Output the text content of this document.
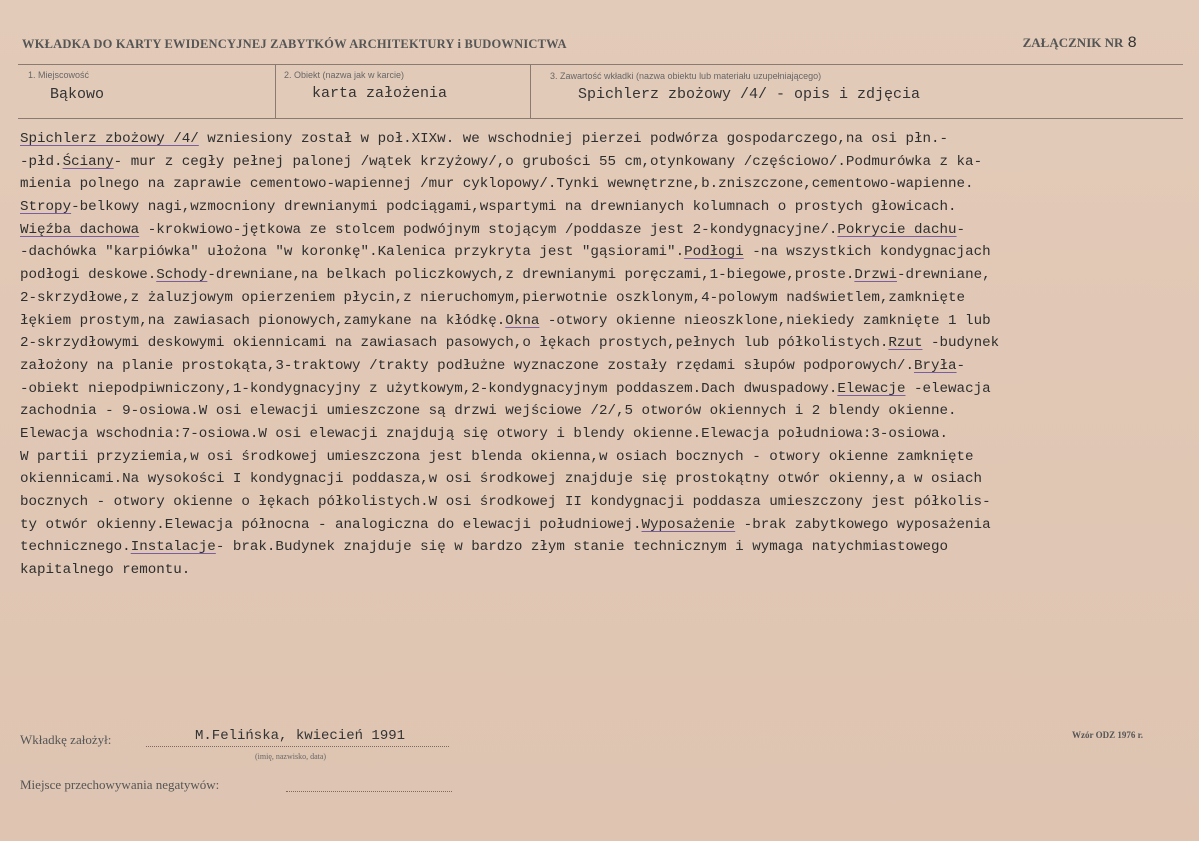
WKŁADKA DO KARTY EWIDENCYJNEJ ZABYTKÓW ARCHITEKTURY i BUDOWNICTWA	ZAŁĄCZNIK NR 8
1. Miejscowość
Bąkowo
2. Obiekt (nazwa jak w karcie)
karta założenia
3. Zawartość wkładki (nazwa obiektu lub materiału uzupełniającego)
Spichlerz zbożowy /4/ - opis i zdjęcia
Spichlerz zbożowy /4/ wzniesiony został w poł.XIXw. we wschodniej pierzei podwórza gospodarczego,na osi płn.-
-płd.Ściany- mur z cegły pełnej palonej /wątek krzyżowy/,o grubości 55 cm,otynkowany /częściowo/.Podmurówka z ka-
mienia polnego na zaprawie cementowo-wapiennej /mur cyklopowy/.Tynki wewnętrzne,b.zniszczone,cementowo-wapienne.
Stropy-belkowy nagi,wzmocniony drewnianymi podciągami,wspartymi na drewnianych kolumnach o prostych głowicach.
Więźba dachowa -krokwiowo-jętkowa ze stolcem podwójnym stojącym /poddasze jest 2-kondygnacyjne/.Pokrycie dachu-
-dachówka "karpiówka" ułożona "w koronkę".Kalenica przykryta jest "gąsiorami".Podłogi -na wszystkich kondygnacjach
podłogi deskowe.Schody-drewniane,na belkach policzkowych,z drewnianymi poręczami,1-biegowe,proste.Drzwi-drewniane,
2-skrzydłowe,z żaluzjowym opierzeniem płycin,z nieruchomym,pierwotnie oszklonym,4-polowym nadświetlem,zamknięte
łękiem prostym,na zawiasach pionowych,zamykane na kłódkę.Okna -otwory okienne nieoszklone,niekiedy zamknięte 1 lub
2-skrzydłowymi deskowymi okiennicami na zawiasach pasowych,o łękach prostych,pełnych lub półkolistych.Rzut -budynek
założony na planie prostokąta,3-traktowy /trakty podłużne wyznaczone zostały rzędami słupów podporowych/.Bryła-
-obiekt niepodpiwniczony,1-kondygnacyjny z użytkowym,2-kondygnacyjnym poddaszem.Dach dwuspadowy.Elewacje -elewacja
zachodnia - 9-osiowa.W osi elewacji umieszczone są drzwi wejściowe /2/,5 otworów okiennych i 2 blendy okienne.
Elewacja wschodnia:7-osiowa.W osi elewacji znajdują się otwory i blendy okienne.Elewacja południowa:3-osiowa.
W partii przyziemia,w osi środkowej umieszczona jest blenda okienna,w osiach bocznych - otwory okienne zamknięte
okiennicami.Na wysokości I kondygnacji poddasza,w osi środkowej znajduje się prostokątny otwór okienny,a w osiach
bocznych - otwory okienne o łękach półkolistych.W osi środkowej II kondygnacji poddasza umieszczony jest półkolis-
ty otwór okienny.Elewacja północna - analogiczna do elewacji południowej.Wyposażenie -brak zabytkowego wyposażenia
technicznego.Instalacje- brak.Budynek znajduje się w bardzo złym stanie technicznym i wymaga natychmiastowego
kapitalnego remontu.
Wkładkę założył:	M.Felińska, kwiecień 1991
(imię, nazwisko, data)
Miejsce przechowywania negatywów:
Wzór ODZ 1976 r.
